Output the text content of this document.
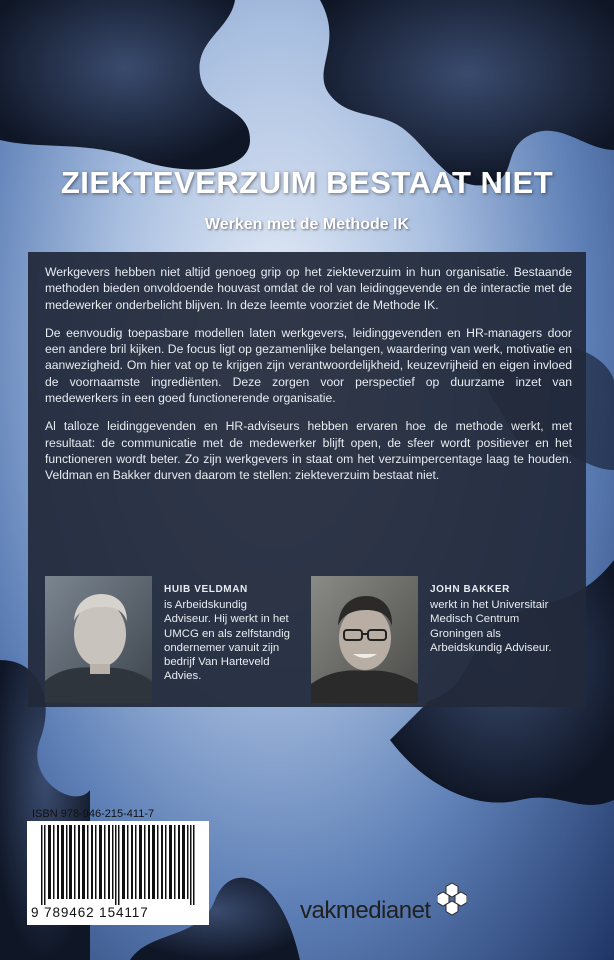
ZIEKTEVERZUIM BESTAAT NIET
Werken met de Methode IK

Werkgevers hebben niet altijd genoeg grip op het ziekteverzuim in hun organisatie. Bestaande methoden bieden onvoldoende houvast omdat de rol van leidinggevende en de interactie met de medewerker onderbelicht blijven. In deze leemte voorziet de Methode IK.

De eenvoudig toepasbare modellen laten werkgevers, leidinggevenden en HR-managers door een andere bril kijken. De focus ligt op gezamenlijke belangen, waardering van werk, motivatie en aanwezigheid. Om hier vat op te krijgen zijn verantwoordelijkheid, keuzevrijheid en eigen invloed de voornaamste ingrediënten. Deze zorgen voor perspectief op duurzame inzet van medewerkers in een goed functionerende organisatie.

Al talloze leidinggevenden en HR-adviseurs hebben ervaren hoe de methode werkt, met resultaat: de communicatie met de medewerker blijft open, de sfeer wordt positiever en het functioneren wordt beter. Zo zijn werkgevers in staat om het verzuimpercentage laag te houden. Veldman en Bakker durven daarom te stellen: ziekteverzuim bestaat niet.

HUIB VELDMAN
is Arbeidskundig Adviseur. Hij werkt in het UMCG en als zelfstandig ondernemer vanuit zijn bedrijf Van Harteveld Advies.
JOHN BAKKER
werkt in het Universitair Medisch Centrum Groningen als Arbeidskundig Adviseur.
ISBN 978-946-215-411-7
9 789462 154117	vakmedianet
